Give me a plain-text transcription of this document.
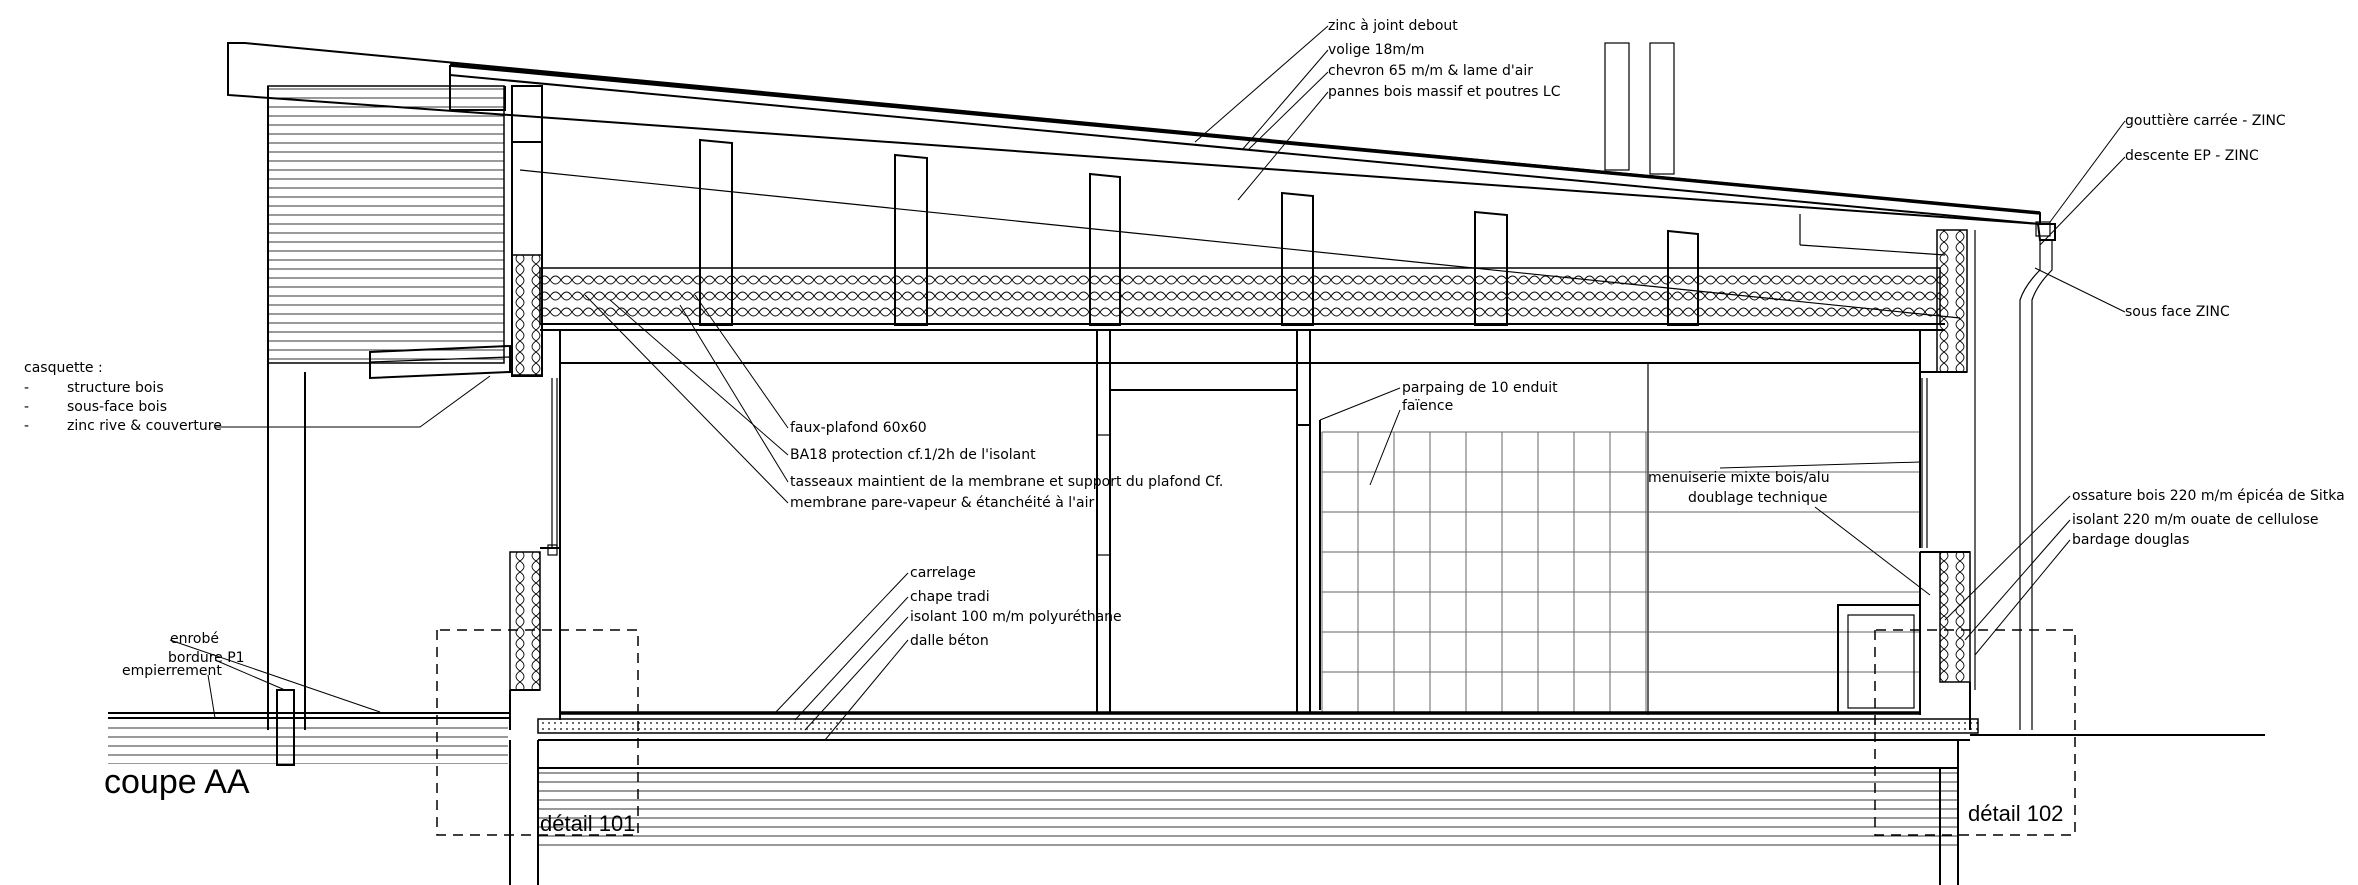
zinc à joint debout
volige 18m/m
chevron 65 m/m & lame d'air
pannes bois massif et poutres LC
gouttière carrée - ZINC
descente EP - ZINC
sous face ZINC
casquette :
-	structure bois
-	sous-face bois
-	zinc rive & couverture	faux-plafond 60x60
BA18 protection cf.1/2h de l'isolant
tasseaux maintient de la membrane et support du plafond Cf.
membrane pare-vapeur & étanchéité à l'air
parpaing de 10 enduit
faïence
menuiserie mixte bois/alu
doublage technique	ossature bois 220 m/m épicéa de Sitka
isolant 220 m/m ouate de cellulose
bardage douglas
carrelage
chape tradi
isolant 100 m/m polyuréthane
dalle béton
enrobé
bordure P1
empierrement
coupe AA
détail 101	détail 102
